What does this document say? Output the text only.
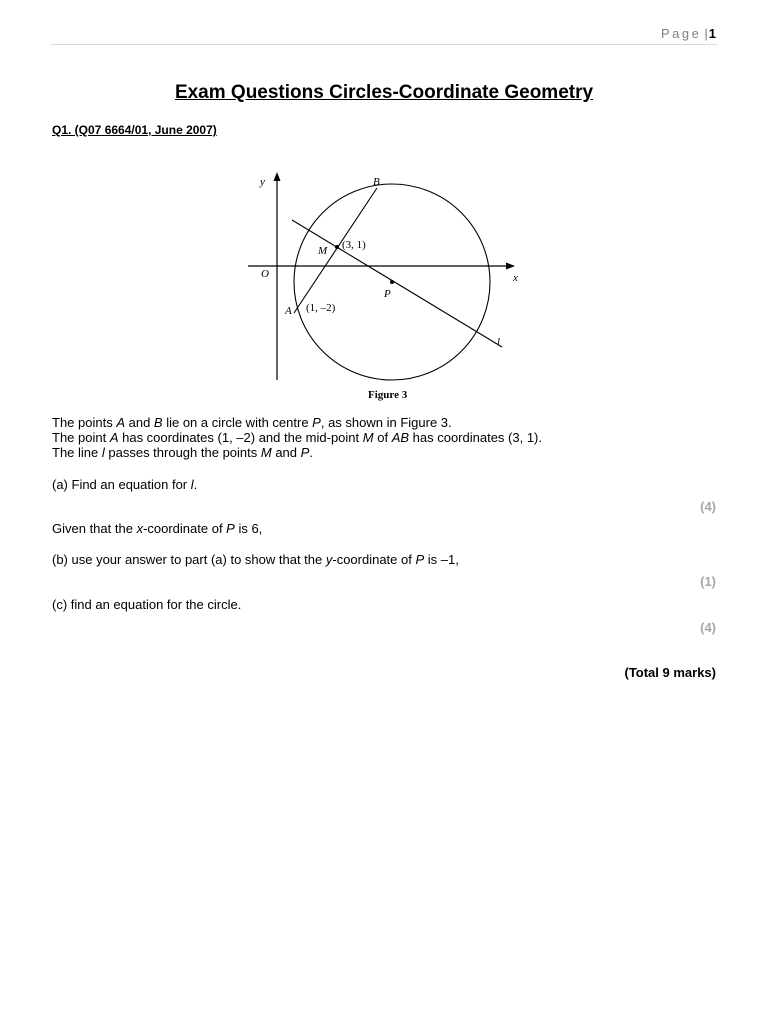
Page |1
Exam Questions Circles-Coordinate Geometry
Q1. (Q07 6664/01, June 2007)
y
x
O
B
M (3, 1)
A (1, –2)
P
l
Figure 3
The points A and B lie on a circle with centre P, as shown in Figure 3.
The point A has coordinates (1, –2) and the mid-point M of AB has coordinates (3, 1).
The line l passes through the points M and P.
(a) Find an equation for l.
(4)
Given that the x-coordinate of P is 6,
(b) use your answer to part (a) to show that the y-coordinate of P is –1,
(1)
(c) find an equation for the circle.
(4)
(Total 9 marks)
